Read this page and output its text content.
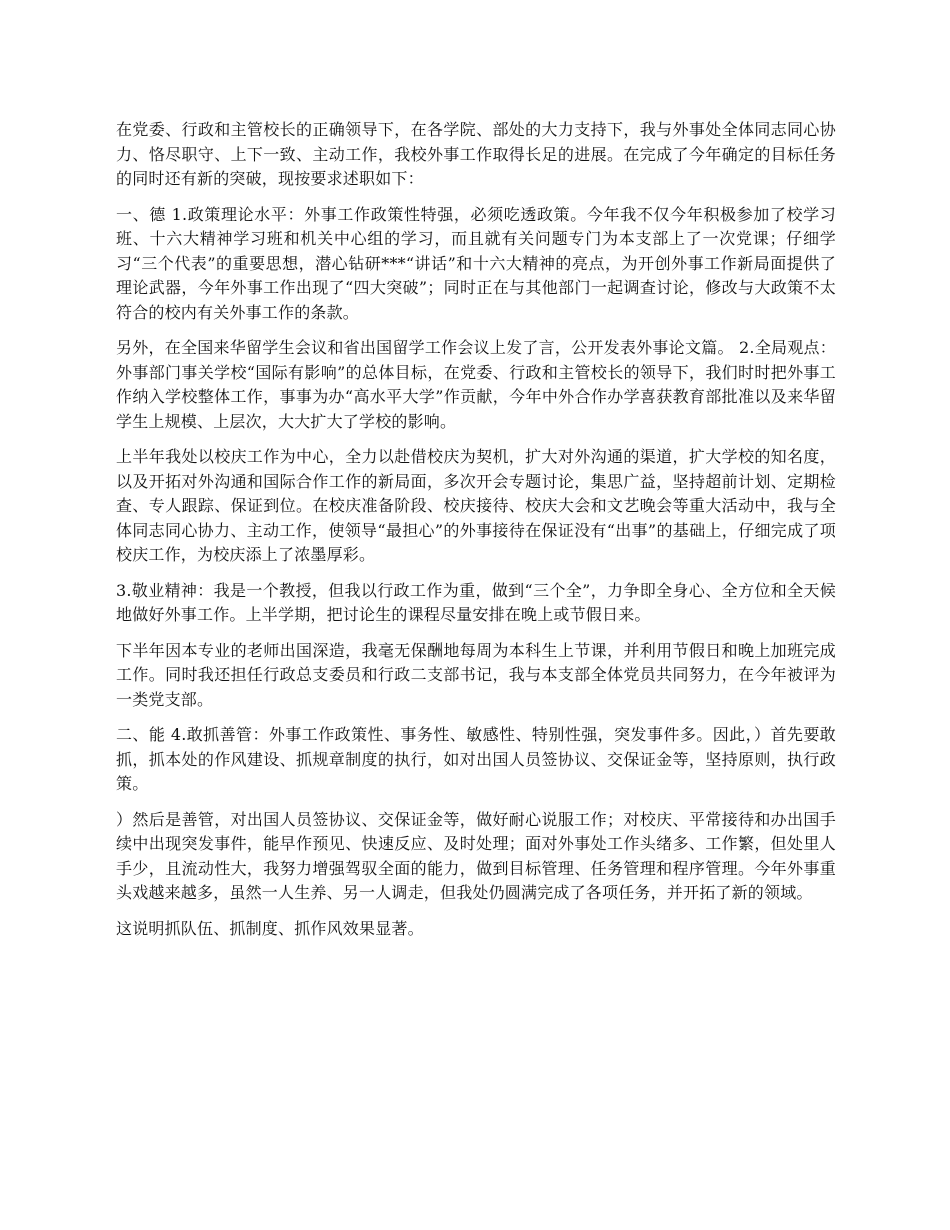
在党委、行政和主管校长的正确领导下，在各学院、部处的大力支持下，我与外事处全体同志同心协力、恪尽职守、上下一致、主动工作，我校外事工作取得长足的进展。在完成了今年确定的目标任务的同时还有新的突破，现按要求述职如下：

一、德 1.政策理论水平：外事工作政策性特强，必须吃透政策。今年我不仅今年积极参加了校学习班、十六大精神学习班和机关中心组的学习，而且就有关问题专门为本支部上了一次党课；仔细学习“三个代表”的重要思想，潜心钻研***“讲话”和十六大精神的亮点，为开创外事工作新局面提供了理论武器，今年外事工作出现了“四大突破”；同时正在与其他部门一起调查讨论，修改与大政策不太符合的校内有关外事工作的条款。

另外，在全国来华留学生会议和省出国留学工作会议上发了言，公开发表外事论文篇。 2.全局观点：外事部门事关学校“国际有影响”的总体目标，在党委、行政和主管校长的领导下，我们时时把外事工作纳入学校整体工作，事事为办“高水平大学”作贡献，今年中外合作办学喜获教育部批准以及来华留学生上规模、上层次，大大扩大了学校的影响。

上半年我处以校庆工作为中心，全力以赴借校庆为契机，扩大对外沟通的渠道，扩大学校的知名度，以及开拓对外沟通和国际合作工作的新局面，多次开会专题讨论，集思广益，坚持超前计划、定期检查、专人跟踪、保证到位。在校庆准备阶段、校庆接待、校庆大会和文艺晚会等重大活动中，我与全体同志同心协力、主动工作，使领导“最担心”的外事接待在保证没有“出事”的基础上，仔细完成了项校庆工作，为校庆添上了浓墨厚彩。

3.敬业精神：我是一个教授，但我以行政工作为重，做到“三个全”，力争即全身心、全方位和全天候地做好外事工作。上半学期，把讨论生的课程尽量安排在晚上或节假日来。

下半年因本专业的老师出国深造，我毫无保酬地每周为本科生上节课，并利用节假日和晚上加班完成工作。同时我还担任行政总支委员和行政二支部书记，我与本支部全体党员共同努力，在今年被评为一类党支部。

二、能 4.敢抓善管：外事工作政策性、事务性、敏感性、特别性强，突发事件多。因此，）首先要敢抓，抓本处的作风建设、抓规章制度的执行，如对出国人员签协议、交保证金等，坚持原则，执行政策。

）然后是善管，对出国人员签协议、交保证金等，做好耐心说服工作；对校庆、平常接待和办出国手续中出现突发事件，能早作预见、快速反应、及时处理；面对外事处工作头绪多、工作繁，但处里人手少，且流动性大，我努力增强驾驭全面的能力，做到目标管理、任务管理和程序管理。今年外事重头戏越来越多，虽然一人生养、另一人调走，但我处仍圆满完成了各项任务，并开拓了新的领域。

这说明抓队伍、抓制度、抓作风效果显著。
